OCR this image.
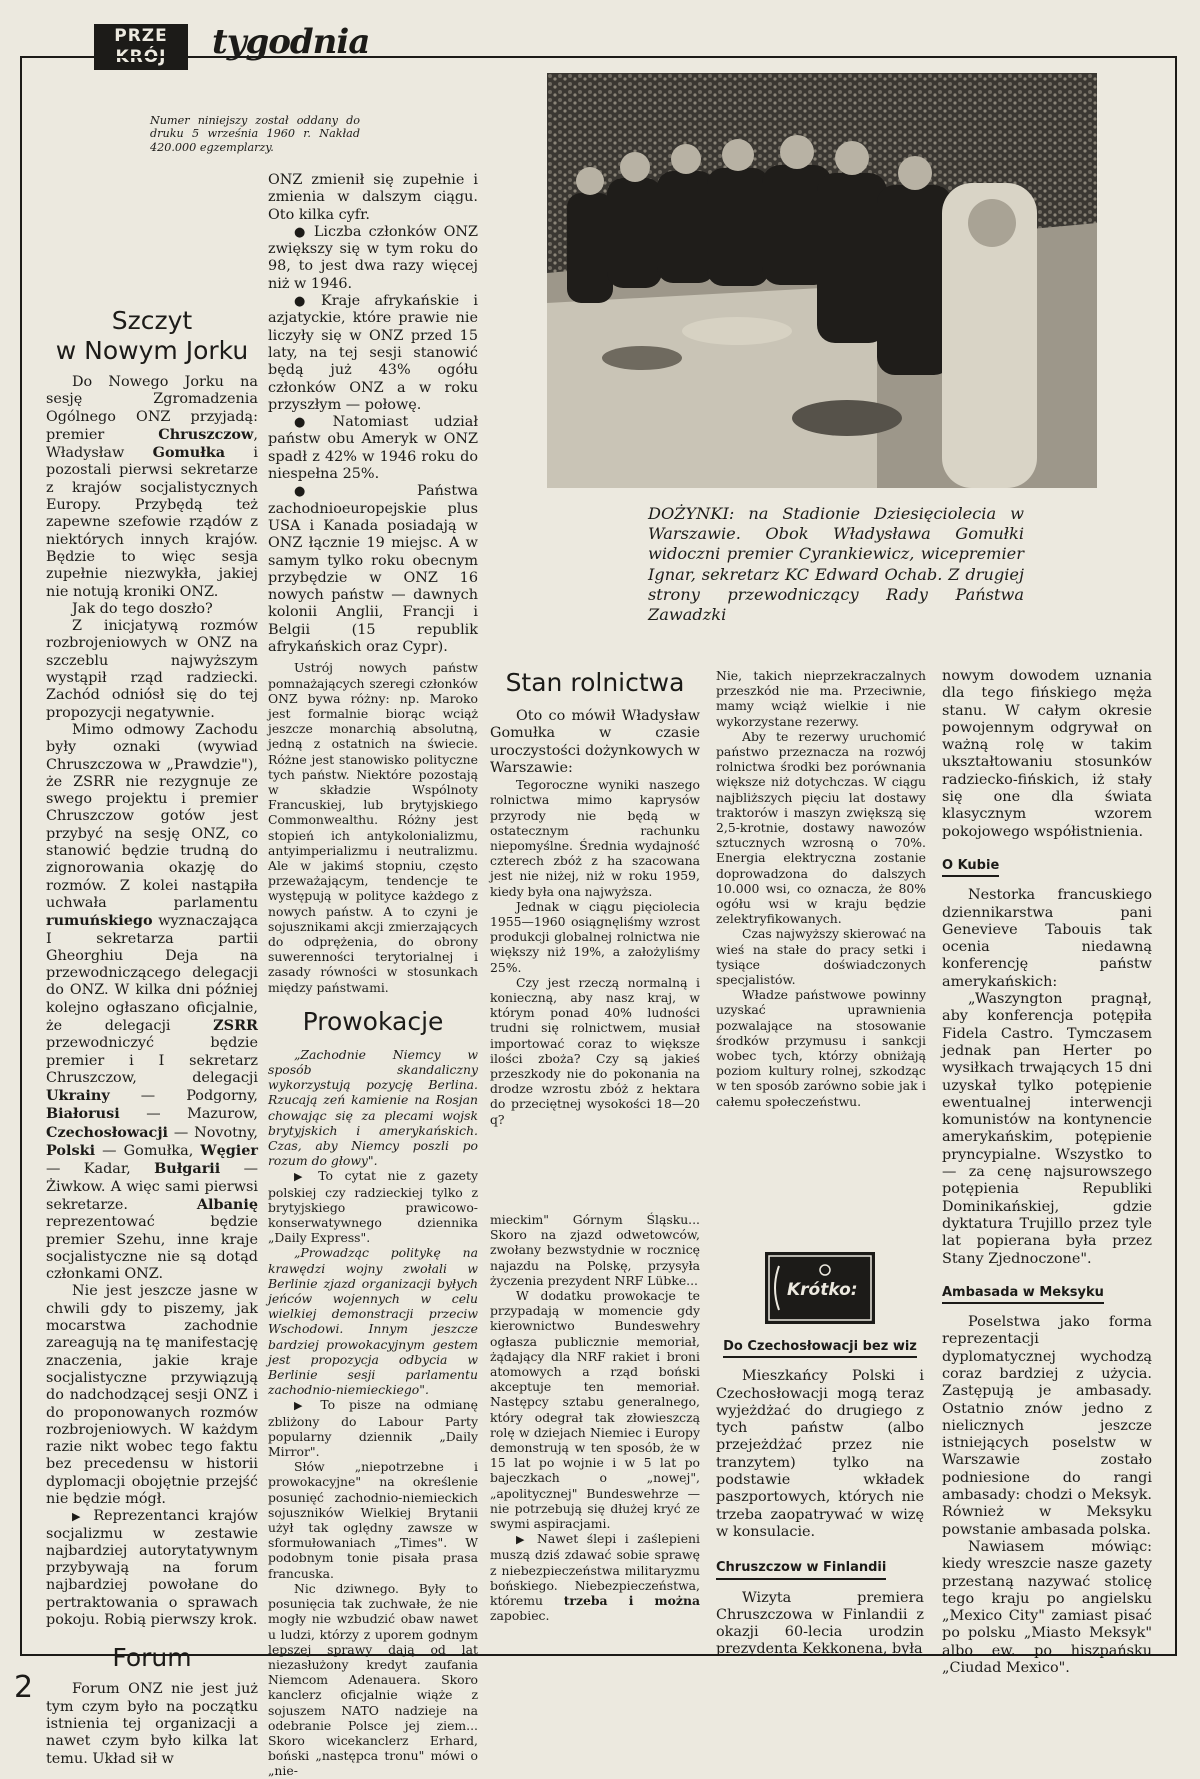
PRZE
KRÓJ	tygodnia
Numer niniejszy został oddany do druku 5 września 1960 r. Nakład 420.000 egzemplarzy.
Szczyt
w Nowym Jorku

Do Nowego Jorku na sesję Zgromadzenia Ogólnego ONZ przyjadą: premier Chruszczow, Władysław Gomułka i pozostali pierwsi sekretarze z krajów socjalistycznych Europy. Przybędą też zapewne szefowie rządów z niektórych innych krajów. Będzie to więc sesja zupełnie niezwykła, jakiej nie notują kroniki ONZ.

Jak do tego doszło?

Z inicjatywą rozmów rozbrojeniowych w ONZ na szczeblu najwyższym wystąpił rząd radziecki. Zachód odniósł się do tej propozycji negatywnie.

Mimo odmowy Zachodu były oznaki (wywiad Chruszczowa w „Prawdzie"), że ZSRR nie rezygnuje ze swego projektu i premier Chruszczow gotów jest przybyć na sesję ONZ, co stanowić będzie trudną do zignorowania okazję do rozmów. Z kolei nastąpiła uchwała parlamentu rumuńskiego wyznaczająca I sekretarza partii Gheorghiu Deja na przewodniczącego delegacji do ONZ. W kilka dni później kolejno ogłaszano oficjalnie, że delegacji ZSRR przewodniczyć będzie premier i I sekretarz Chruszczow, delegacji Ukrainy — Podgorny, Białorusi — Mazurow, Czechosłowacji — Novotny, Polski — Gomułka, Węgier — Kadar, Bułgarii — Żiwkow. A więc sami pierwsi sekretarze. Albanię reprezentować będzie premier Szehu, inne kraje socjalistyczne nie są dotąd członkami ONZ.

Nie jest jeszcze jasne w chwili gdy to piszemy, jak mocarstwa zachodnie zareagują na tę manifestację znaczenia, jakie kraje socjalistyczne przywiązują do nadchodzącej sesji ONZ i do proponowanych rozmów rozbrojeniowych. W każdym razie nikt wobec tego faktu bez precedensu w historii dyplomacji obojętnie przejść nie będzie mógł.

▶ Reprezentanci krajów socjalizmu w zestawie najbardziej autorytatywnym przybywają na forum najbardziej powołane do pertraktowania o sprawach pokoju. Robią pierwszy krok.

Forum

Forum ONZ nie jest już tym czym było na początku istnienia tej organizacji a nawet czym było kilka lat temu. Układ sił w

ONZ zmienił się zupełnie i zmienia w dalszym ciągu. Oto kilka cyfr.

● Liczba członków ONZ zwiększy się w tym roku do 98, to jest dwa razy więcej niż w 1946.

● Kraje afrykańskie i azjatyckie, które prawie nie liczyły się w ONZ przed 15 laty, na tej sesji stanowić będą już 43% ogółu członków ONZ a w roku przyszłym — połowę.

● Natomiast udział państw obu Ameryk w ONZ spadł z 42% w 1946 roku do niespełna 25%.

● Państwa zachodnioeuropejskie plus USA i Kanada posiadają w ONZ łącznie 19 miejsc. A w samym tylko roku obecnym przybędzie w ONZ 16 nowych państw — dawnych kolonii Anglii, Francji i Belgii (15 republik afrykańskich oraz Cypr).

Ustrój nowych państw pomnażających szeregi członków ONZ bywa różny: np. Maroko jest formalnie biorąc wciąż jeszcze monarchią absolutną, jedną z ostatnich na świecie. Różne jest stanowisko polityczne tych państw. Niektóre pozostają w składzie Wspólnoty Francuskiej, lub brytyjskiego Commonwealthu. Różny jest stopień ich antykolonializmu, antyimperializmu i neutralizmu. Ale w jakimś stopniu, często przeważającym, tendencje te występują w polityce każdego z nowych państw. A to czyni je sojusznikami akcji zmierzających do odprężenia, do obrony suwerenności terytorialnej i zasady równości w stosunkach między państwami.

Prowokacje

„Zachodnie Niemcy w sposób skandaliczny wykorzystują pozycję Berlina. Rzucają zeń kamienie na Rosjan chowając się za plecami wojsk brytyjskich i amerykańskich. Czas, aby Niemcy poszli po rozum do głowy".

▶ To cytat nie z gazety polskiej czy radzieckiej tylko z brytyjskiego prawicowo-konserwatywnego dziennika „Daily Express".

„Prowadząc politykę na krawędzi wojny zwołali w Berlinie zjazd organizacji byłych jeńców wojennych w celu wielkiej demonstracji przeciw Wschodowi. Innym jeszcze bardziej prowokacyjnym gestem jest propozycja odbycia w Berlinie sesji parlamentu zachodnio-niemieckiego".

▶ To pisze na odmianę zbliżony do Labour Party popularny dziennik „Daily Mirror".

Słów „niepotrzebne i prowokacyjne" na określenie posunięć zachodnio-niemieckich sojuszników Wielkiej Brytanii użył tak oględny zawsze w sformułowaniach „Times". W podobnym tonie pisała prasa francuska.

Nic dziwnego. Były to posunięcia tak zuchwałe, że nie mogły nie wzbudzić obaw nawet u ludzi, którzy z uporem godnym lepszej sprawy dają od lat niezasłużony kredyt zaufania Niemcom Adenauera. Skoro kanclerz oficjalnie wiąże z sojuszem NATO nadzieje na odebranie Polsce jej ziem... Skoro wicekanclerz Erhard, boński „następca tronu" mówi o „nie-

DOŻYNKI: na Stadionie Dziesięciolecia w Warszawie. Obok Władysława Gomułki widoczni premier Cyrankiewicz, wicepremier Ignar, sekretarz KC Edward Ochab. Z drugiej strony przewodniczący Rady Państwa Zawadzki
Stan rolnictwa

Oto co mówił Władysław Gomułka w czasie uroczystości dożynkowych w Warszawie:

Tegoroczne wyniki naszego rolnictwa mimo kaprysów przyrody nie będą w ostatecznym rachunku niepomyślne. Średnia wydajność czterech zbóż z ha szacowana jest nie niżej, niż w roku 1959, kiedy była ona najwyższa.

Jednak w ciągu pięciolecia 1955—1960 osiągnęliśmy wzrost produkcji globalnej rolnictwa nie większy niż 19%, a założyliśmy 25%.

Czy jest rzeczą normalną i konieczną, aby nasz kraj, w którym ponad 40% ludności trudni się rolnictwem, musiał importować coraz to większe ilości zboża? Czy są jakieś przeszkody nie do pokonania na drodze wzrostu zbóż z hektara do przeciętnej wysokości 18—20 q?

mieckim" Górnym Śląsku... Skoro na zjazd odwetowców, zwołany bezwstydnie w rocznicę najazdu na Polskę, przysyła życzenia prezydent NRF Lübke...

W dodatku prowokacje te przypadają w momencie gdy kierownictwo Bundeswehry ogłasza publicznie memoriał, żądający dla NRF rakiet i broni atomowych a rząd boński akceptuje ten memoriał. Następcy sztabu generalnego, który odegrał tak złowieszczą rolę w dziejach Niemiec i Europy demonstrują w ten sposób, że w 15 lat po wojnie i w 5 lat po bajeczkach o „nowej", „apolitycznej" Bundeswehrze — nie potrzebują się dłużej kryć ze swymi aspiracjami.

▶ Nawet ślepi i zaślepieni muszą dziś zdawać sobie sprawę z niebezpieczeństwa militaryzmu bońskiego. Niebezpieczeństwa, któremu trzeba i można zapobiec.

Nie, takich nieprzekraczalnych przeszkód nie ma. Przeciwnie, mamy wciąż wielkie i nie wykorzystane rezerwy.

Aby te rezerwy uruchomić państwo przeznacza na rozwój rolnictwa środki bez porównania większe niż dotychczas. W ciągu najbliższych pięciu lat dostawy traktorów i maszyn zwiększą się 2,5-krotnie, dostawy nawozów sztucznych wzrosną o 70%. Energia elektryczna zostanie doprowadzona do dalszych 10.000 wsi, co oznacza, że 80% ogółu wsi w kraju będzie zelektryfikowanych.

Czas najwyższy skierować na wieś na stałe do pracy setki i tysiące doświadczonych specjalistów.

Władze państwowe powinny uzyskać uprawnienia pozwalające na stosowanie środków przymusu i sankcji wobec tych, którzy obniżają poziom kultury rolnej, szkodząc w ten sposób zarówno sobie jak i całemu społeczeństwu.

Krótko:
Do Czechosłowacji bez wiz

Mieszkańcy Polski i Czechosłowacji mogą teraz wyjeżdżać do drugiego z tych państw (albo przejeżdżać przez nie tranzytem) tylko na podstawie wkładek paszportowych, których nie trzeba zaopatrywać w wizę w konsulacie.

Chruszczow w Finlandii

Wizyta premiera Chruszczowa w Finlandii z okazji 60-lecia urodzin prezydenta Kekkonena, była

nowym dowodem uznania dla tego fińskiego męża stanu. W całym okresie powojennym odgrywał on ważną rolę w takim ukształtowaniu stosunków radziecko-fińskich, iż stały się one dla świata klasycznym wzorem pokojowego współistnienia.

O Kubie

Nestorka francuskiego dziennikarstwa pani Genevieve Tabouis tak ocenia niedawną konferencję państw amerykańskich:

„Waszyngton pragnął, aby konferencja potępiła Fidela Castro. Tymczasem jednak pan Herter po wysiłkach trwających 15 dni uzyskał tylko potępienie ewentualnej interwencji komunistów na kontynencie amerykańskim, potępienie pryncypialne. Wszystko to — za cenę najsurowszego potępienia Republiki Dominikańskiej, gdzie dyktatura Trujillo przez tyle lat popierana była przez Stany Zjednoczone".

Ambasada w Meksyku

Poselstwa jako forma reprezentacji dyplomatycznej wychodzą coraz bardziej z użycia. Zastępują je ambasady. Ostatnio znów jedno z nielicznych jeszcze istniejących poselstw w Warszawie zostało podniesione do rangi ambasady: chodzi o Meksyk. Również w Meksyku powstanie ambasada polska.

Nawiasem mówiąc: kiedy wreszcie nasze gazety przestaną nazywać stolicę tego kraju po angielsku „Mexico City" zamiast pisać po polsku „Miasto Meksyk" albo ew. po hiszpańsku „Ciudad Mexico".

2
